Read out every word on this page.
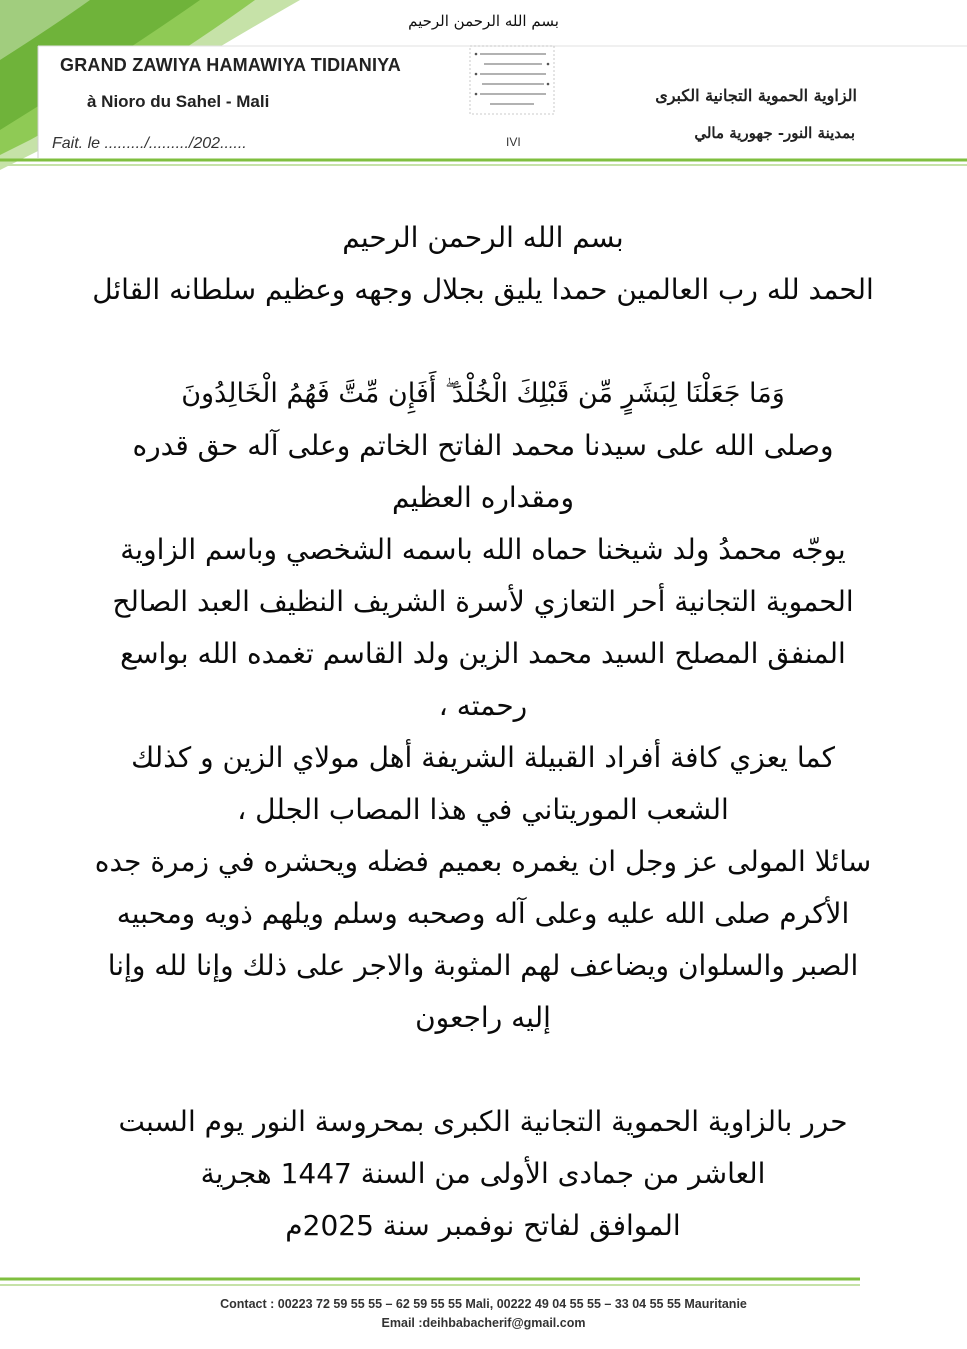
بسم الله الرحمن الرحيم
GRAND ZAWIYA HAMAWIYA TIDIANIYA
à Nioro du Sahel - Mali
Fait. le ........./........./202......
الزاوية الحموية التجانية الكبرى
بمدينة النور- جهورية مالي
IVI
بسم الله الرحمن الرحيم
الحمد لله رب العالمين حمدا يليق بجلال وجهه وعظيم سلطانه القائل
وَمَا جَعَلْنَا لِبَشَرٍ مِّن قَبْلِكَ الْخُلْدَ ۖ أَفَإِن مِّتَّ فَهُمُ الْخَالِدُونَ
وصلى الله على سيدنا محمد الفاتح الخاتم وعلى آله حق قدره
ومقداره العظيم
يوجّه محمدُ ولد شيخنا حماه الله باسمه الشخصي وباسم الزاوية
الحموية التجانية أحر التعازي لأسرة الشريف النظيف العبد الصالح
المنفق المصلح السيد محمد الزين ولد القاسم تغمده الله بواسع
رحمته ،
كما يعزي كافة أفراد القبيلة الشريفة أهل مولاي الزين و كذلك
الشعب الموريتاني في هذا المصاب الجلل ،
سائلا المولى عز وجل ان يغمره بعميم فضله ويحشره في زمرة جده
الأكرم صلى الله عليه وعلى آله وصحبه وسلم ويلهم ذويه ومحبيه
الصبر والسلوان ويضاعف لهم المثوبة والاجر على ذلك وإنا لله وإنا
إليه راجعون
حرر بالزاوية الحموية التجانية الكبرى بمحروسة النور يوم السبت
العاشر من جمادى الأولى من السنة 1447 هجرية
الموافق لفاتح نوفمبر سنة 2025م
Contact : 00223 72 59 55 55 – 62 59 55 55 Mali, 00222 49 04 55 55 – 33 04 55 55 Mauritanie
Email :deihbabacherif@gmail.com
